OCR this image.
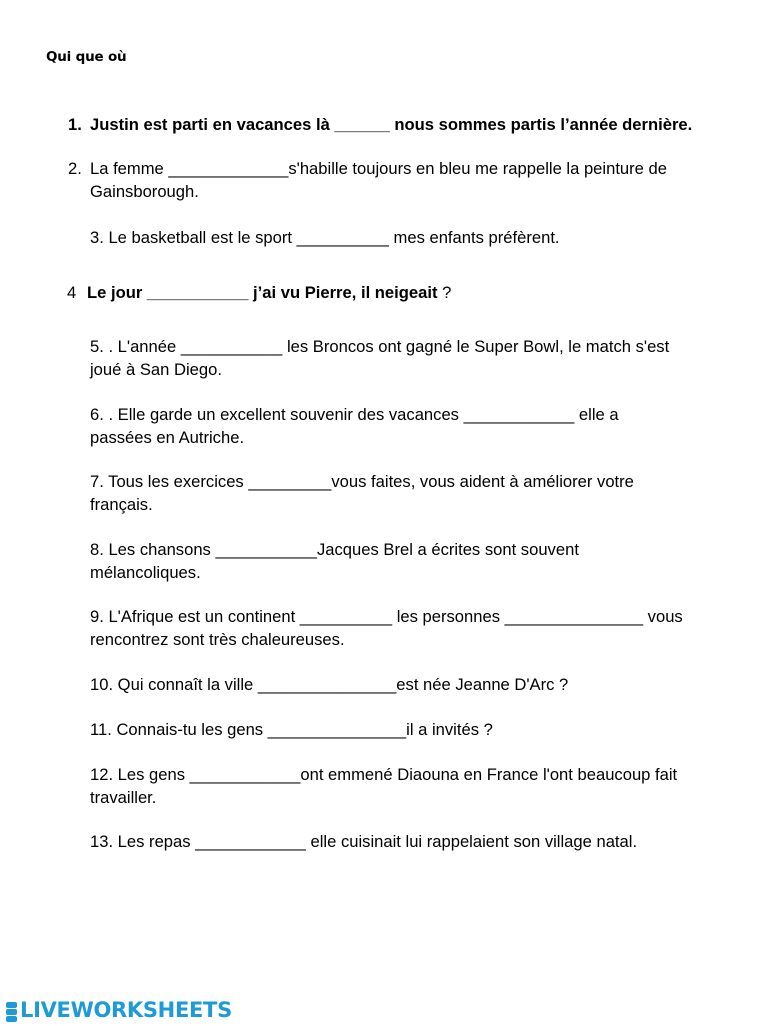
Qui que où
1. Justin est parti en vacances là ______ nous sommes partis l’année dernière.
2. La femme _____________s'habille toujours en bleu me rappelle la peinture de
Gainsborough.
3. Le basketball est le sport __________ mes enfants préfèrent.
4 Le jour ___________ j’ai vu Pierre, il neigeait ?
5. . L'année ___________ les Broncos ont gagné le Super Bowl, le match s'est
joué à San Diego.
6. . Elle garde un excellent souvenir des vacances ____________ elle a
passées en Autriche.
7. Tous les exercices _________vous faites, vous aident à améliorer votre
français.
8. Les chansons ___________Jacques Brel a écrites sont souvent
mélancoliques.
9. L'Afrique est un continent __________ les personnes _______________ vous
rencontrez sont très chaleureuses.
10. Qui connaît la ville _______________est née Jeanne D'Arc ?
11. Connais-tu les gens _______________il a invités ?
12. Les gens ____________ont emmené Diaouna en France l'ont beaucoup fait
travailler.
13. Les repas ____________ elle cuisinait lui rappelaient son village natal.
LIVEWORKSHEETS
